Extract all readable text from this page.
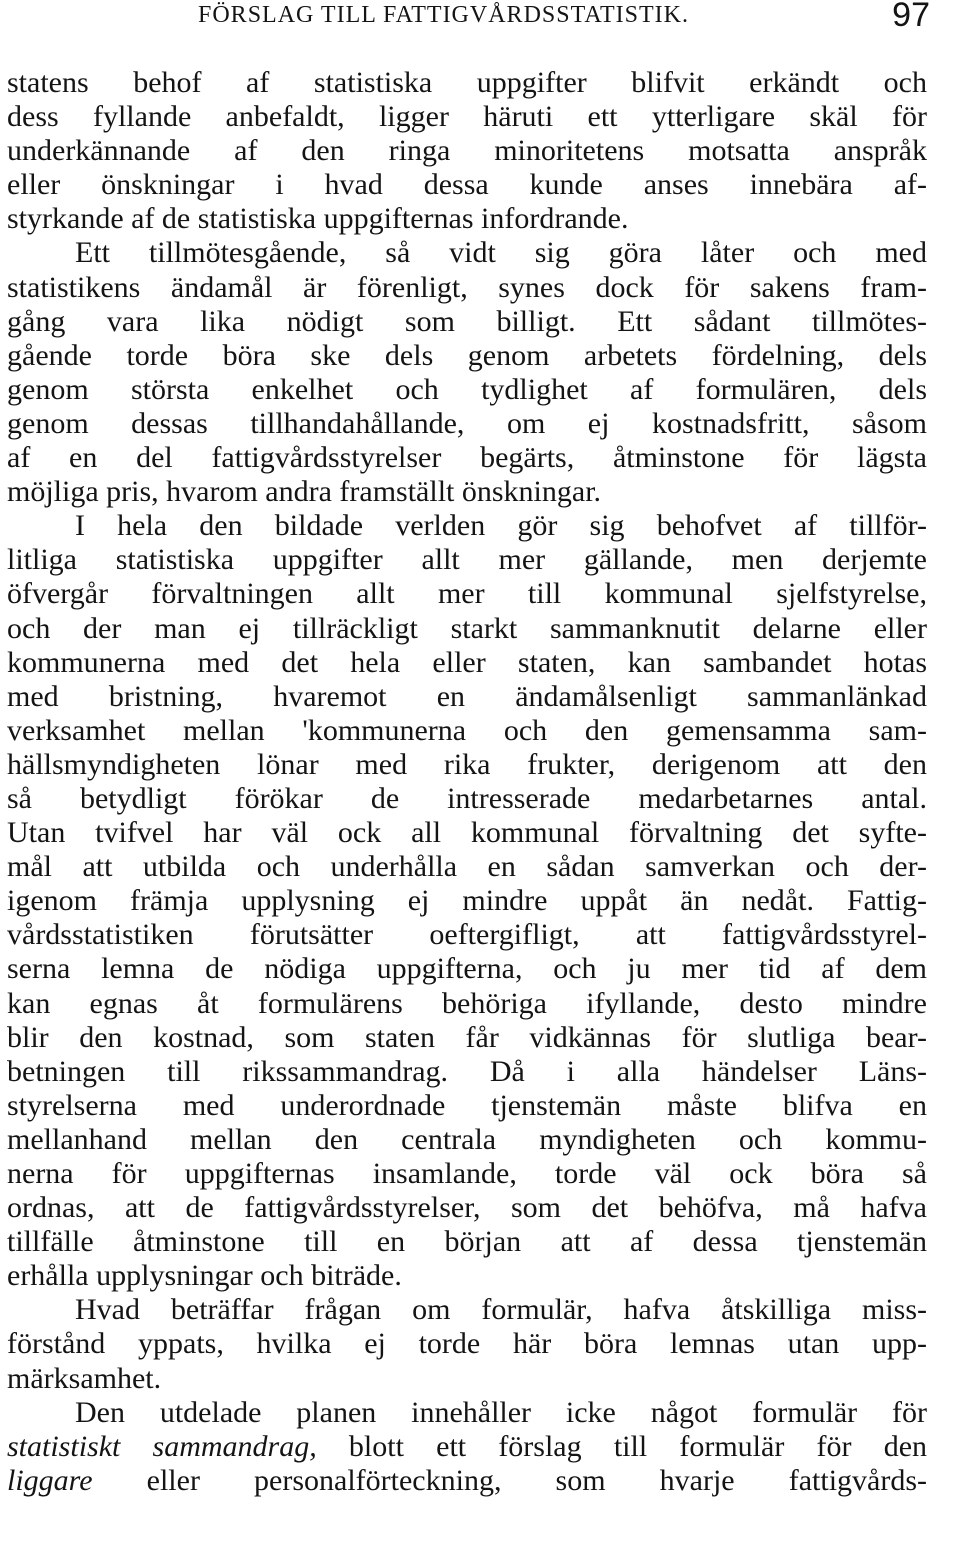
FÖRSLAG TILL FATTIGVÅRDSSTATISTIK.	97
statens behof af statistiska uppgifter blifvit erkändt och
dess fyllande anbefaldt, ligger häruti ett ytterligare skäl för
underkännande af den ringa minoritetens motsatta anspråk
eller önskningar i hvad dessa kunde anses innebära af-
styrkande af de statistiska uppgifternas infordrande.
Ett tillmötesgående, så vidt sig göra låter och med
statistikens ändamål är förenligt, synes dock för sakens fram-
gång vara lika nödigt som billigt. Ett sådant tillmötes-
gående torde böra ske dels genom arbetets fördelning, dels
genom största enkelhet och tydlighet af formulären, dels
genom dessas tillhandahållande, om ej kostnadsfritt, såsom
af en del fattigvårdsstyrelser begärts, åtminstone för lägsta
möjliga pris, hvarom andra framställt önskningar.
I hela den bildade verlden gör sig behofvet af tillför-
litliga statistiska uppgifter allt mer gällande, men derjemte
öfvergår förvaltningen allt mer till kommunal sjelfstyrelse,
och der man ej tillräckligt starkt sammanknutit delarne eller
kommunerna med det hela eller staten, kan sambandet hotas
med bristning, hvaremot en ändamålsenligt sammanlänkad
verksamhet mellan 'kommunerna och den gemensamma sam-
hällsmyndigheten lönar med rika frukter, derigenom att den
så betydligt förökar de intresserade medarbetarnes antal.
Utan tvifvel har väl ock all kommunal förvaltning det syfte-
mål att utbilda och underhålla en sådan samverkan och der-
igenom främja upplysning ej mindre uppåt än nedåt. Fattig-
vårdsstatistiken förutsätter oeftergifligt, att fattigvårdsstyrel-
serna lemna de nödiga uppgifterna, och ju mer tid af dem
kan egnas åt formulärens behöriga ifyllande, desto mindre
blir den kostnad, som staten får vidkännas för slutliga bear-
betningen till rikssammandrag. Då i alla händelser Läns-
styrelserna med underordnade tjenstemän måste blifva en
mellanhand mellan den centrala myndigheten och kommu-
nerna för uppgifternas insamlande, torde väl ock böra så
ordnas, att de fattigvårdsstyrelser, som det behöfva, må hafva
tillfälle åtminstone till en början att af dessa tjenstemän
erhålla upplysningar och biträde.
Hvad beträffar frågan om formulär, hafva åtskilliga miss-
förstånd yppats, hvilka ej torde här böra lemnas utan upp-
märksamhet.
Den utdelade planen innehåller icke något formulär för
statistiskt sammandrag, blott ett förslag till formulär för den
liggare eller personalförteckning, som hvarje fattigvårds-
